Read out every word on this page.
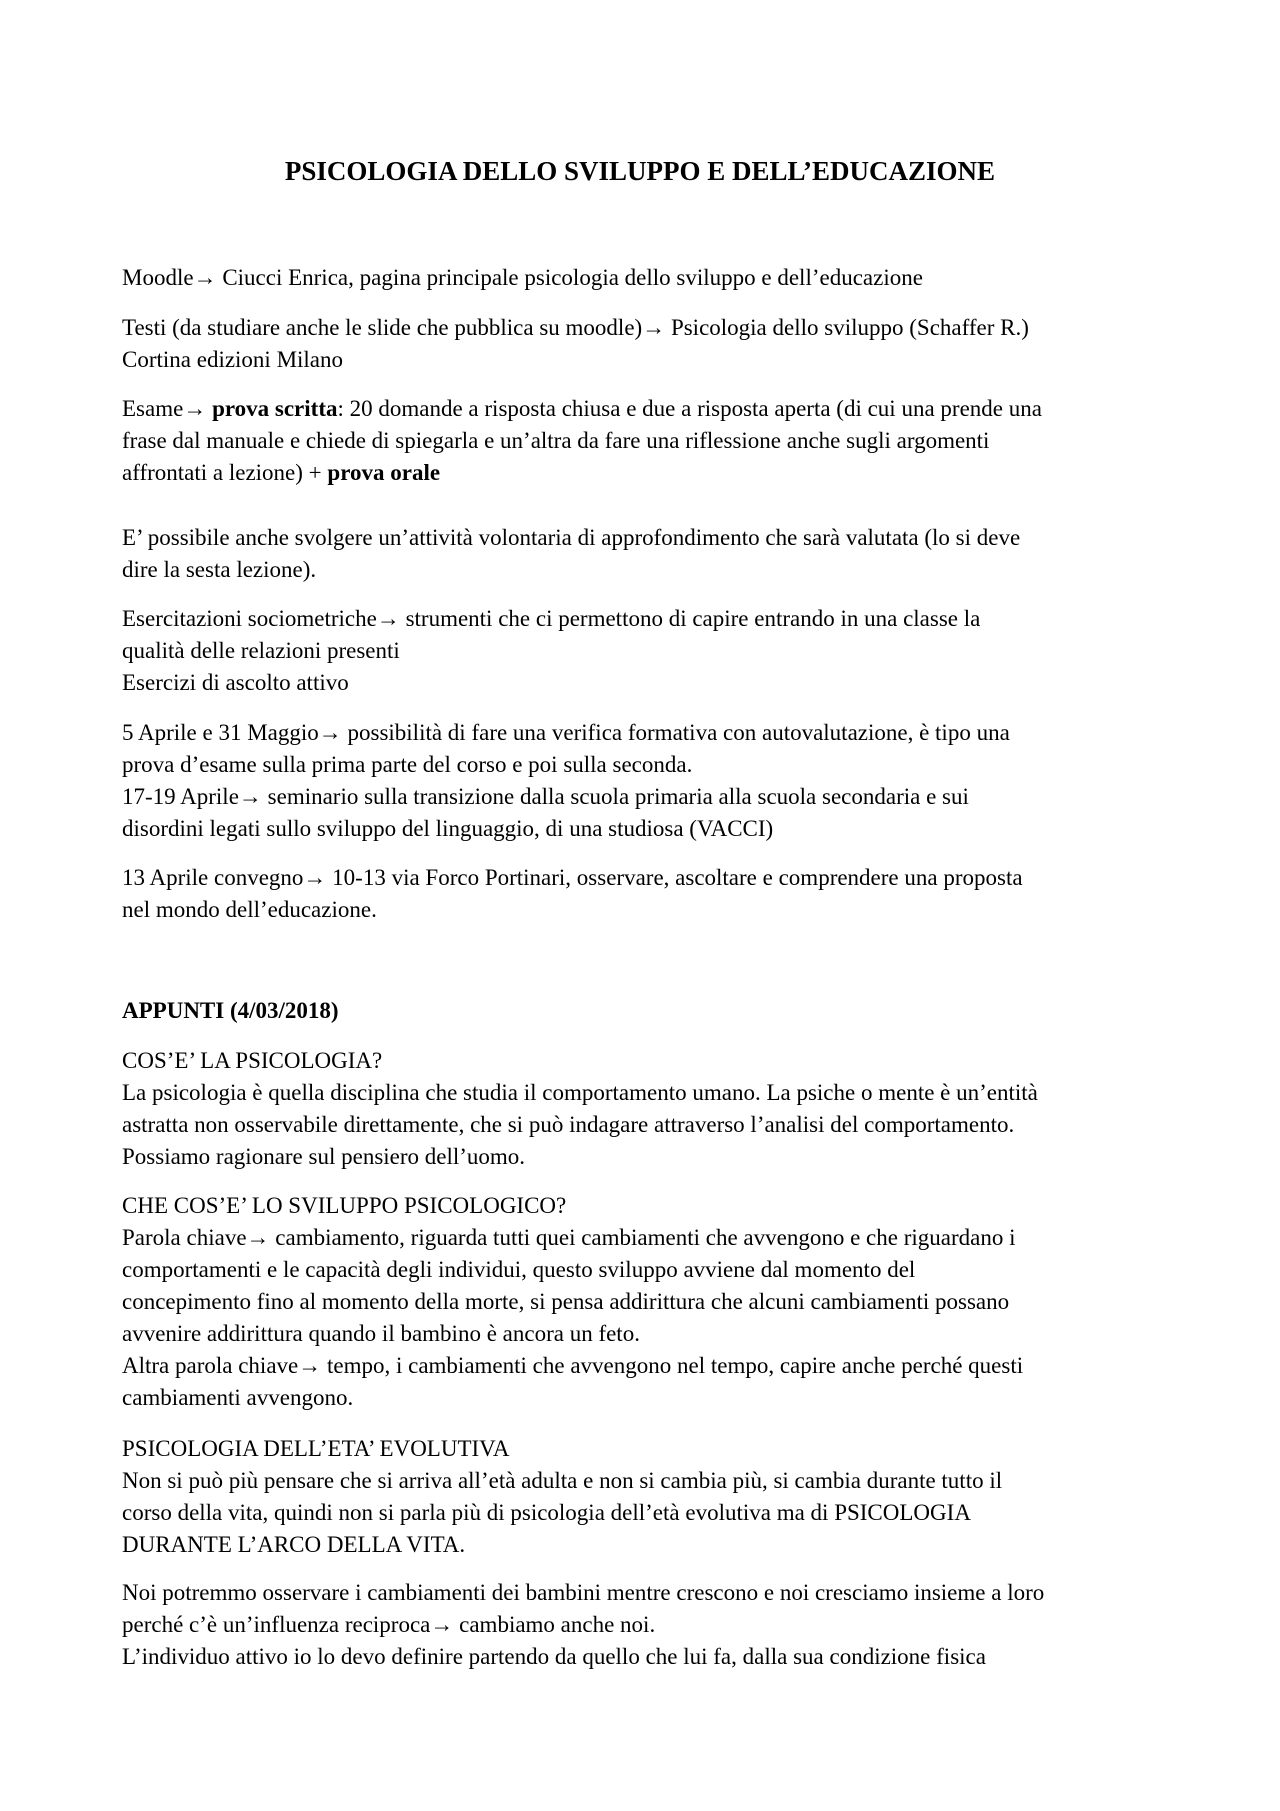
PSICOLOGIA DELLO SVILUPPO E DELL’EDUCAZIONE
Moodle→ Ciucci Enrica, pagina principale psicologia dello sviluppo e dell’educazione
Testi (da studiare anche le slide che pubblica su moodle)→ Psicologia dello sviluppo (Schaffer R.)
Cortina edizioni Milano
Esame→ prova scritta: 20 domande a risposta chiusa e due a risposta aperta (di cui una prende una
frase dal manuale e chiede di spiegarla e un’altra da fare una riflessione anche sugli argomenti
affrontati a lezione) + prova orale
E’ possibile anche svolgere un’attività volontaria di approfondimento che sarà valutata (lo si deve
dire la sesta lezione).
Esercitazioni sociometriche→ strumenti che ci permettono di capire entrando in una classe la
qualità delle relazioni presenti
Esercizi di ascolto attivo
5 Aprile e 31 Maggio→ possibilità di fare una verifica formativa con autovalutazione, è tipo una
prova d’esame sulla prima parte del corso e poi sulla seconda.
17-19 Aprile→ seminario sulla transizione dalla scuola primaria alla scuola secondaria e sui
disordini legati sullo sviluppo del linguaggio, di una studiosa (VACCI)
13 Aprile convegno→ 10-13 via Forco Portinari, osservare, ascoltare e comprendere una proposta
nel mondo dell’educazione.
APPUNTI (4/03/2018)
COS’E’ LA PSICOLOGIA?
La psicologia è quella disciplina che studia il comportamento umano. La psiche o mente è un’entità
astratta non osservabile direttamente, che si può indagare attraverso l’analisi del comportamento.
Possiamo ragionare sul pensiero dell’uomo.
CHE COS’E’ LO SVILUPPO PSICOLOGICO?
Parola chiave→ cambiamento, riguarda tutti quei cambiamenti che avvengono e che riguardano i
comportamenti e le capacità degli individui, questo sviluppo avviene dal momento del
concepimento fino al momento della morte, si pensa addirittura che alcuni cambiamenti possano
avvenire addirittura quando il bambino è ancora un feto.
Altra parola chiave→ tempo, i cambiamenti che avvengono nel tempo, capire anche perché questi
cambiamenti avvengono.
PSICOLOGIA DELL’ETA’ EVOLUTIVA
Non si può più pensare che si arriva all’età adulta e non si cambia più, si cambia durante tutto il
corso della vita, quindi non si parla più di psicologia dell’età evolutiva ma di PSICOLOGIA
DURANTE L’ARCO DELLA VITA.
Noi potremmo osservare i cambiamenti dei bambini mentre crescono e noi cresciamo insieme a loro
perché c’è un’influenza reciproca→ cambiamo anche noi.
L’individuo attivo io lo devo definire partendo da quello che lui fa, dalla sua condizione fisica
